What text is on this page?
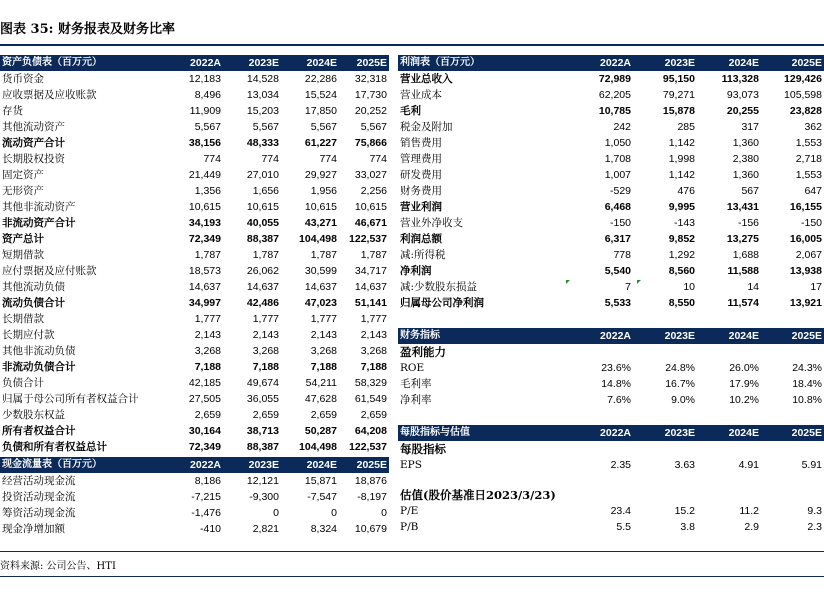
图表 35: 财务报表及财务比率
资产负债表（百万元）	2022A	2023E	2024E	2025E
货币资金	12,183	14,528	22,286	32,318
应收票据及应收账款	8,496	13,034	15,524	17,730
存货	11,909	15,203	17,850	20,252
其他流动资产	5,567	5,567	5,567	5,567
流动资产合计	38,156	48,333	61,227	75,866
长期股权投资	774	774	774	774
固定资产	21,449	27,010	29,927	33,027
无形资产	1,356	1,656	1,956	2,256
其他非流动资产	10,615	10,615	10,615	10,615
非流动资产合计	34,193	40,055	43,271	46,671
资产总计	72,349	88,387	104,498	122,537
短期借款	1,787	1,787	1,787	1,787
应付票据及应付账款	18,573	26,062	30,599	34,717
其他流动负债	14,637	14,637	14,637	14,637
流动负债合计	34,997	42,486	47,023	51,141
长期借款	1,777	1,777	1,777	1,777
长期应付款	2,143	2,143	2,143	2,143
其他非流动负债	3,268	3,268	3,268	3,268
非流动负债合计	7,188	7,188	7,188	7,188
负债合计	42,185	49,674	54,211	58,329
归属于母公司所有者权益合计	27,505	36,055	47,628	61,549
少数股东权益	2,659	2,659	2,659	2,659
所有者权益合计	30,164	38,713	50,287	64,208
负债和所有者权益总计	72,349	88,387	104,498	122,537
现金流量表（百万元）	2022A	2023E	2024E	2025E
经营活动现金流	8,186	12,121	15,871	18,876
投资活动现金流	-7,215	-9,300	-7,547	-8,197
筹资活动现金流	-1,476	0	0	0
现金净增加额	-410	2,821	8,324	10,679
利润表（百万元）	2022A	2023E	2024E	2025E
营业总收入	72,989	95,150	113,328	129,426
营业成本	62,205	79,271	93,073	105,598
毛利	10,785	15,878	20,255	23,828
税金及附加	242	285	317	362
销售费用	1,050	1,142	1,360	1,553
管理费用	1,708	1,998	2,380	2,718
研发费用	1,007	1,142	1,360	1,553
财务费用	-529	476	567	647
营业利润	6,468	9,995	13,431	16,155
营业外净收支	-150	-143	-156	-150
利润总额	6,317	9,852	13,275	16,005
减:所得税	778	1,292	1,688	2,067
净利润	5,540	8,560	11,588	13,938
减:少数股东损益	7	10	14	17
归属母公司净利润	5,533	8,550	11,574	13,921
财务指标	2022A	2023E	2024E	2025E
盈利能力				
ROE	23.6%	24.8%	26.0%	24.3%
毛利率	14.8%	16.7%	17.9%	18.4%
净利率	7.6%	9.0%	10.2%	10.8%
每股指标与估值	2022A	2023E	2024E	2025E
每股指标				
EPS	2.35	3.63	4.91	5.91

估值(股价基准日2023/3/23)				
P/E	23.4	15.2	11.2	9.3
P/B	5.5	3.8	2.9	2.3
资料来源: 公司公告、HTI
